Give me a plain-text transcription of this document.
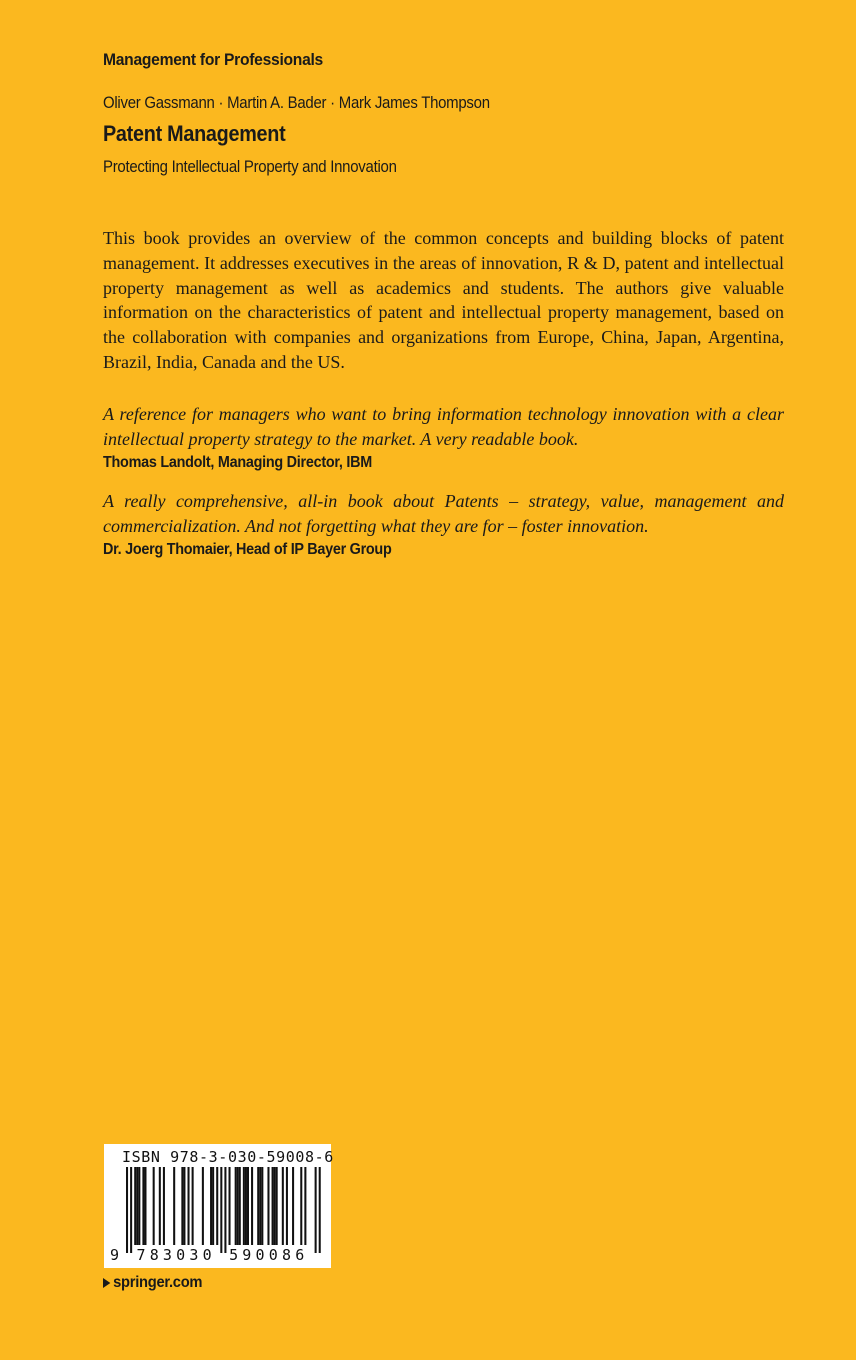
Management for Professionals
Oliver Gassmann · Martin A. Bader · Mark James Thompson
Patent Management
Protecting Intellectual Property and Innovation

This book provides an overview of the common concepts and building blocks of patent management. It addresses executives in the areas of innovation, R & D, patent and intellectual property management as well as academics and students. The authors give valuable information on the characteristics of patent and intellectual property management, based on the collaboration with companies and organizations from Europe, China, Japan, Argentina, Brazil, India, Canada and the US.

A reference for managers who want to bring information technology innovation with a clear intellectual property strategy to the market. A very readable book.

Thomas Landolt, Managing Director, IBM

A really comprehensive, all-in book about Patents – strategy, value, management and commercialization. And not forgetting what they are for – foster innovation.

Dr. Joerg Thomaier, Head of IP Bayer Group
ISBN 978-3-030-59008-6
9 783030 590086
springer.com
